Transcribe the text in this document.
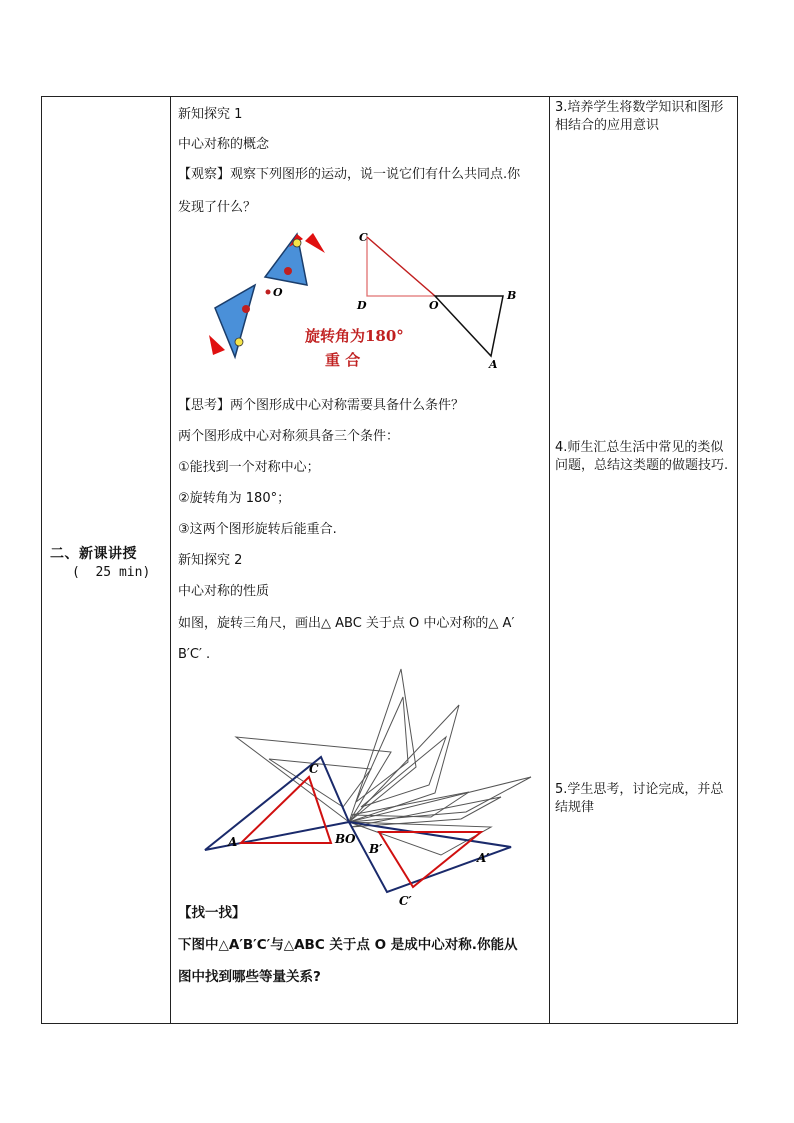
二、新课讲授
(  25 min)
新知探究 1
中心对称的概念
【观察】观察下列图形的运动，说一说它们有什么共同点.你
发现了什么？
O
旋转角为180°
重 合
C
D	O
B
A
【思考】两个图形成中心对称需要具备什么条件？
两个图形成中心对称须具备三个条件：
①能找到一个对称中心；
②旋转角为 180°；
③这两个图形旋转后能重合.
新知探究 2
中心对称的性质
如图，旋转三角尺，画出△ ABC 关于点 O 中心对称的△ A′
B′C′ .
A	B
C
O
B′
A′
C′
【找一找】
下图中△A′B′C′与△ABC 关于点 O 是成中心对称.你能从
图中找到哪些等量关系?
3.培养学生将数学知识和图形相结合的应用意识
4.师生汇总生活中常见的类似问题，总结这类题的做题技巧.
5.学生思考，讨论完成，并总结规律
